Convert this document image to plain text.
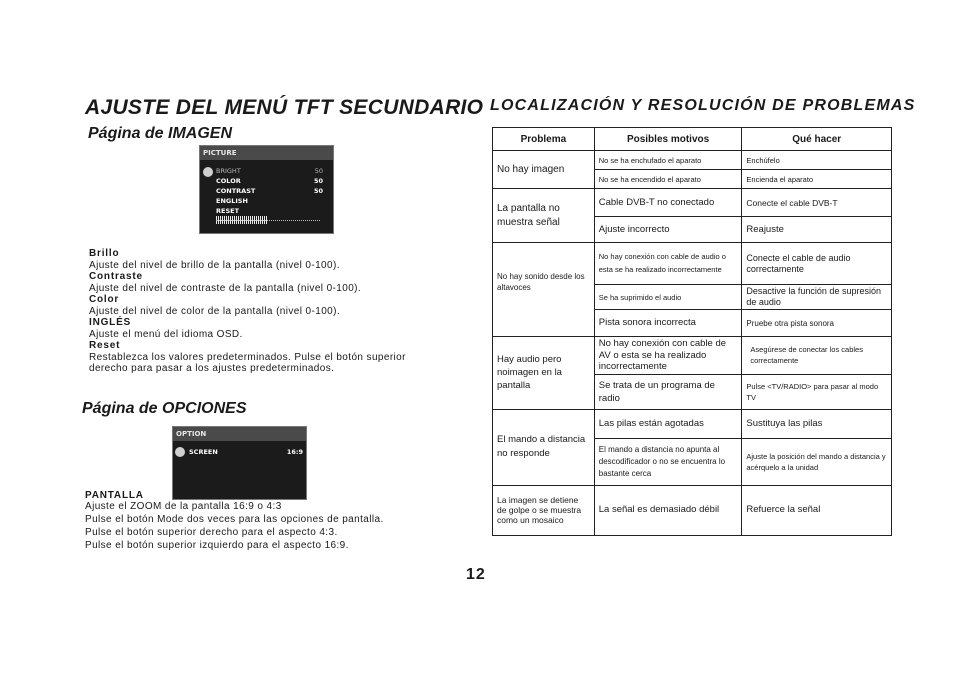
AJUSTE DEL MENÚ TFT SECUNDARIO
Página de IMAGEN
PICTURE
BRIGHT	50
COLOR	50
CONTRAST	50
ENGLISH
RESET
Brillo
Ajuste del nivel de brillo de la pantalla (nivel 0-100).
Contraste
Ajuste del nivel de contraste de la pantalla (nivel 0-100).
Color
Ajuste del nivel de color de la pantalla (nivel 0-100).
INGLÉS
Ajuste el menú del idioma OSD.
Reset
Restablezca los valores predeterminados. Pulse el botón superior derecho para pasar a los ajustes predeterminados.
Página de OPCIONES
OPTION
SCREEN	16:9
PANTALLA
Ajuste el ZOOM de la pantalla 16:9 o 4:3
Pulse el botón Mode dos veces para las opciones de pantalla.
Pulse el botón superior derecho para el aspecto 4:3.
Pulse el botón superior izquierdo para el aspecto 16:9.
LOCALIZACIÓN Y RESOLUCIÓN DE PROBLEMAS
Problema	Posibles motivos	Qué hacer
No hay imagen	No se ha enchufado el aparato	Enchúfelo
	No se ha encendido el aparato	Encienda el aparato
La pantalla no muestra señal	Cable DVB-T no conectado	Conecte el cable DVB-T
	Ajuste incorrecto	Reajuste
No hay sonido desde los altavoces	No hay conexión con cable de audio o esta se ha realizado incorrectamente	Conecte el cable de audio correctamente
	Se ha suprimido el audio	Desactive la función de supresión de audio
	Pista sonora incorrecta	Pruebe otra pista sonora
Hay audio pero noimagen en la pantalla	No hay conexión con cable de AV o esta se ha realizado incorrectamente	Asegúrese de conectar los cables correctamente
	Se trata de un programa de radio	Pulse <TV/RADIO> para pasar al modo TV
El mando a distancia no responde	Las pilas están agotadas	Sustituya las pilas
	El mando a distancia no apunta al descodificador o no se encuentra lo bastante cerca	Ajuste la posición del mando a distancia y acérquelo a la unidad
La imagen se detiene de golpe o se muestra como un mosaico	La señal es demasiado débil	Refuerce la señal
12
